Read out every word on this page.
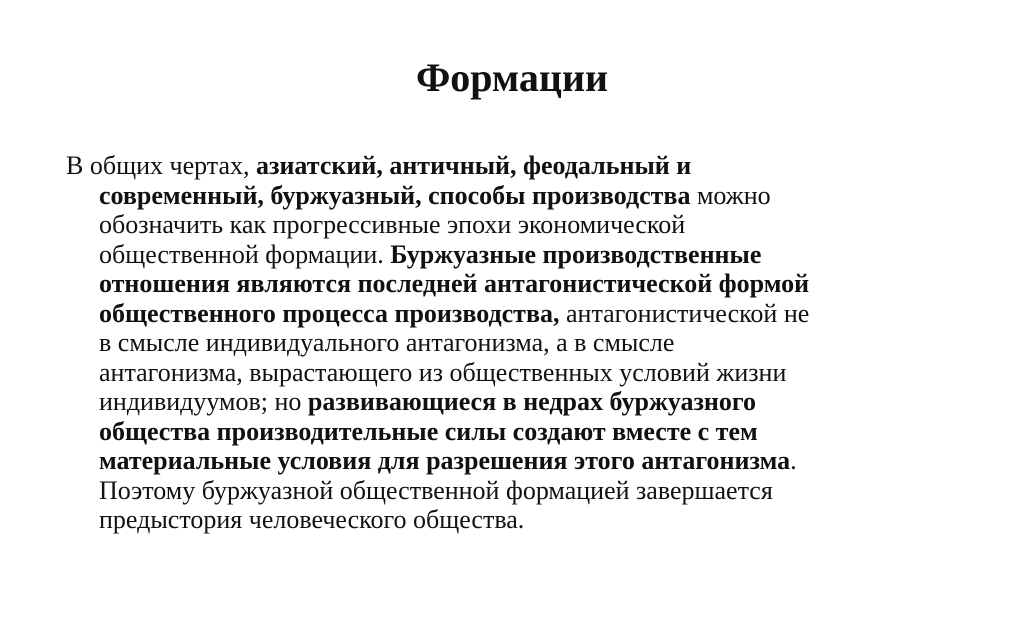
Формации
В общих чертах, азиатский, античный, феодальный и
современный, буржуазный, способы производства можно
обозначить как прогрессивные эпохи экономической
общественной формации. Буржуазные производственные
отношения являются последней антагонистической формой
общественного процесса производства, антагонистической не
в смысле индивидуального антагонизма, а в смысле
антагонизма, вырастающего из общественных условий жизни
индивидуумов; но развивающиеся в недрах буржуазного
общества производительные силы создают вместе с тем
материальные условия для разрешения этого антагонизма.
Поэтому буржуазной общественной формацией завершается
предыстория человеческого общества.
